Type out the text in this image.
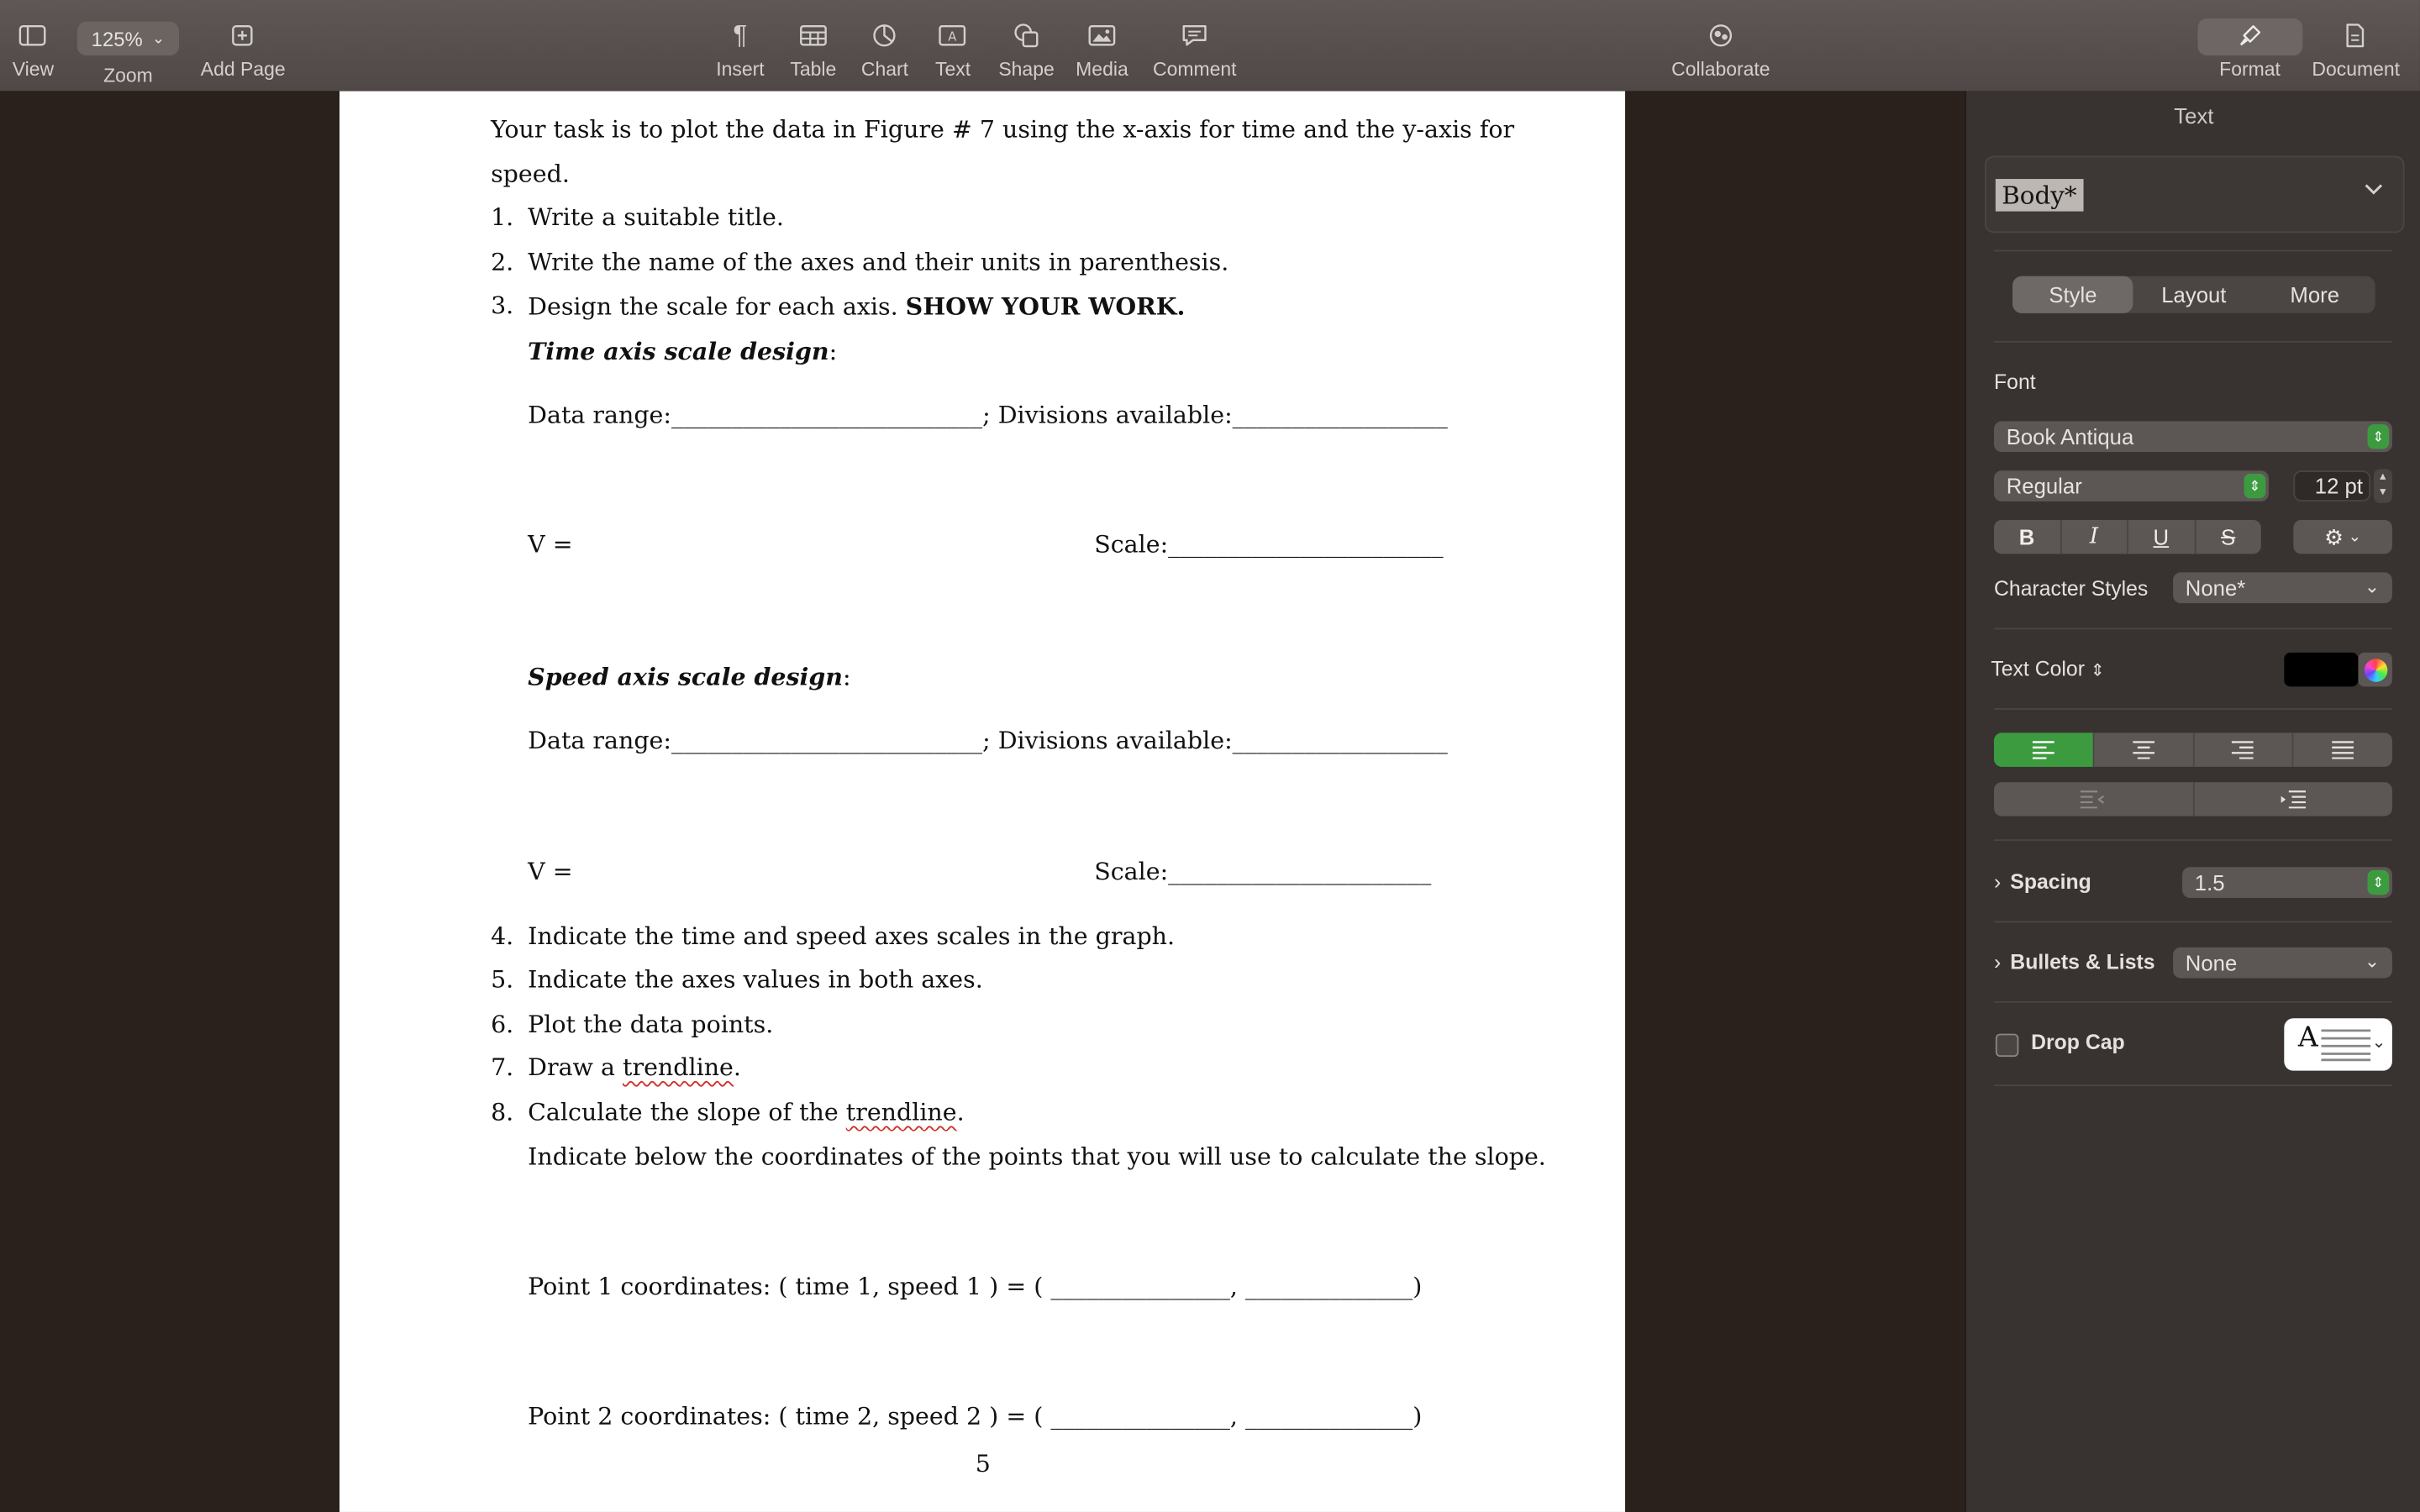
View
125% ⌄
Zoom	Add Page
¶
Insert Table Chart
A
Text	Shape Media Comment	Collaborate	Format	Document
Your task is to plot the data in Figure # 7 using the x-axis for time and the y-axis for
speed.
1. Write a suitable title.
2. Write the name of the axes and their units in parenthesis.
3. Design the scale for each axis. SHOW YOUR WORK.
Time axis scale design:
Data range:__________________________; Divisions available:__________________
V =	Scale:_______________________
Speed axis scale design:
Data range:__________________________; Divisions available:__________________
V =	Scale:______________________
4. Indicate the time and speed axes scales in the graph.
5. Indicate the axes values in both axes.
6. Plot the data points.
7. Draw a trendline.
8. Calculate the slope of the trendline.
Indicate below the coordinates of the points that you will use to calculate the slope.
Point 1 coordinates: ( time 1, speed 1 ) = ( _______________, ______________)
Point 2 coordinates: ( time 2, speed 2 ) = ( _______________, ______________)
5
Text
Body*
Style	Layout	More
Font
Book Antiqua	⇕
Regular	⇕	12 pt	▴
▾
B	I	U	S	⚙ ⌄
Character Styles	None*	⌄
Text Color ⇕
› Spacing	1.5	⇕
› Bullets & Lists	None	⌄
Drop Cap	A	⌄
